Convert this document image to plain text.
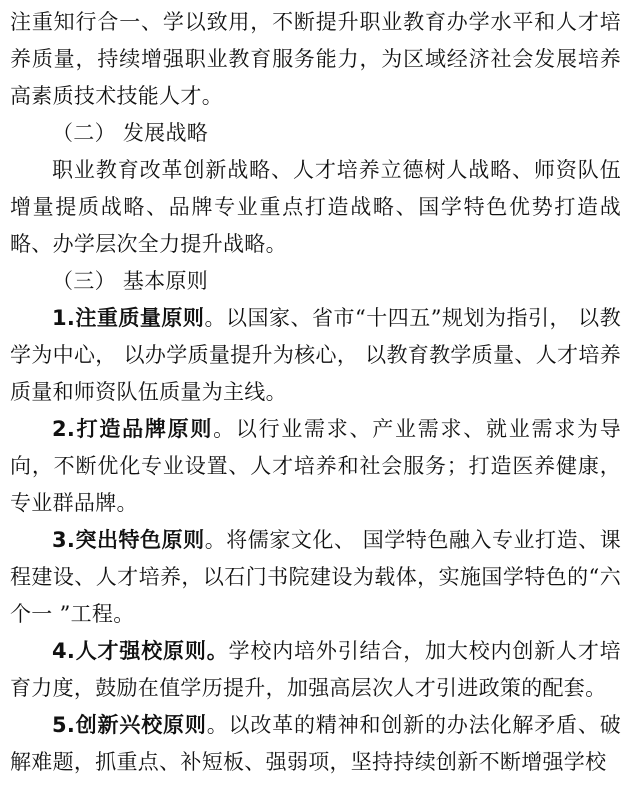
注重知行合一、学以致用，不断提升职业教育办学水平和人才培养质量，持续增强职业教育服务能力，为区域经济社会发展培养高素质技术技能人才。

（二） 发展战略

职业教育改革创新战略、人才培养立德树人战略、师资队伍增量提质战略、品牌专业重点打造战略、国学特色优势打造战略、办学层次全力提升战略。

（三） 基本原则

1.注重质量原则。以国家、省市“十四五”规划为指引， 以教学为中心， 以办学质量提升为核心， 以教育教学质量、人才培养质量和师资队伍质量为主线。

2.打造品牌原则。以行业需求、产业需求、就业需求为导向，不断优化专业设置、人才培养和社会服务；打造医养健康，专业群品牌。

3.突出特色原则。将儒家文化、 国学特色融入专业打造、课程建设、人才培养，以石门书院建设为载体，实施国学特色的“六个一 ”工程。

4.人才强校原则。学校内培外引结合，加大校内创新人才培育力度，鼓励在值学历提升，加强高层次人才引进政策的配套。

5.创新兴校原则。以改革的精神和创新的办法化解矛盾、破解难题，抓重点、补短板、强弱项，坚持持续创新不断增强学校
